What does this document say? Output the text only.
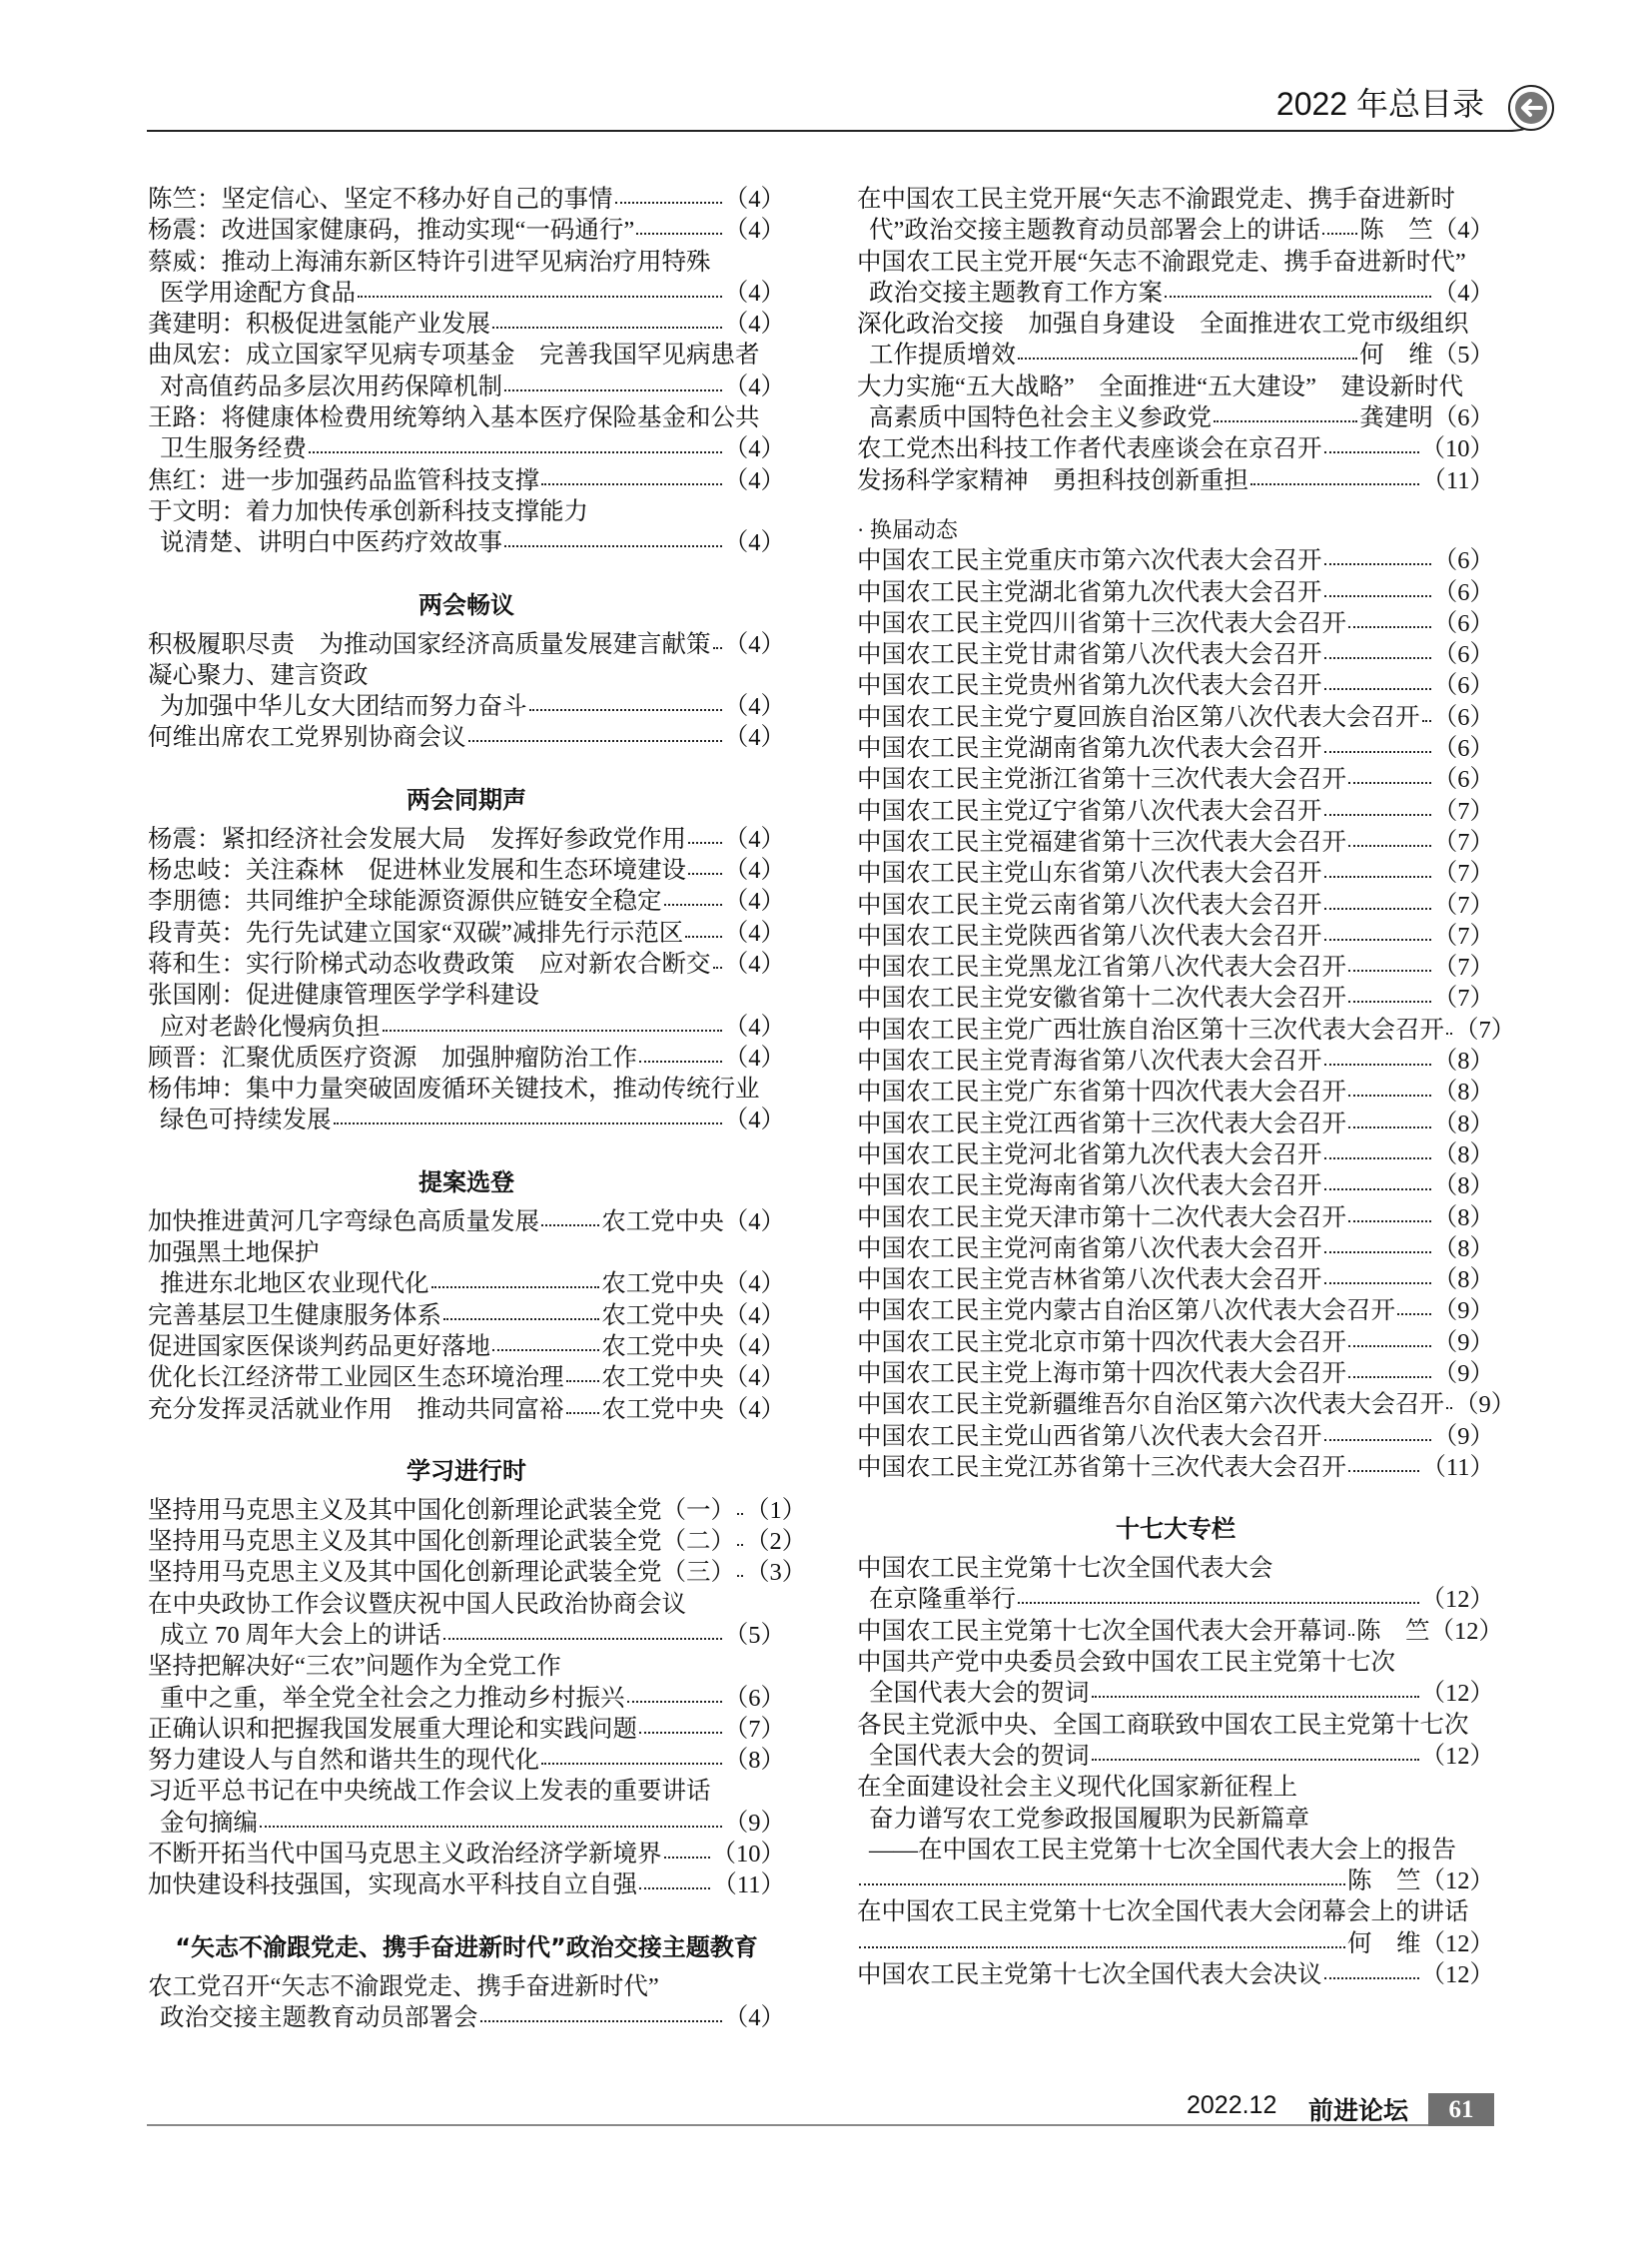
2022 年总目录
陈竺：坚定信心、坚定不移办好自己的事情	（4）
杨震：改进国家健康码，推动实现“一码通行”	（4）
蔡威：推动上海浦东新区特许引进罕见病治疗用特殊
医学用途配方食品	（4）
龚建明：积极促进氢能产业发展	（4）
曲凤宏：成立国家罕见病专项基金　完善我国罕见病患者
对高值药品多层次用药保障机制	（4）
王路：将健康体检费用统筹纳入基本医疗保险基金和公共
卫生服务经费	（4）
焦红：进一步加强药品监管科技支撑	（4）
于文明：着力加快传承创新科技支撑能力
说清楚、讲明白中医药疗效故事	（4）
两会畅议
积极履职尽责　为推动国家经济高质量发展建言献策 （4）
凝心聚力、建言资政
为加强中华儿女大团结而努力奋斗	（4）
何维出席农工党界别协商会议	（4）
两会同期声
杨震：紧扣经济社会发展大局　发挥好参政党作用 （4）
杨忠岐：关注森林　促进林业发展和生态环境建设 （4）
李朋德：共同维护全球能源资源供应链安全稳定	（4）
段青英：先行先试建立国家“双碳”减排先行示范区 （4）
蒋和生：实行阶梯式动态收费政策　应对新农合断交 （4）
张国刚：促进健康管理医学学科建设
应对老龄化慢病负担	（4）
顾晋：汇聚优质医疗资源　加强肿瘤防治工作	（4）
杨伟坤：集中力量突破固废循环关键技术，推动传统行业
绿色可持续发展	（4）
提案选登
加快推进黄河几字弯绿色高质量发展	农工党中央 （4）
加强黑土地保护
推进东北地区农业现代化	农工党中央 （4）
完善基层卫生健康服务体系	农工党中央 （4）
促进国家医保谈判药品更好落地	农工党中央 （4）
优化长江经济带工业园区生态环境治理 农工党中央 （4）
充分发挥灵活就业作用　推动共同富裕 农工党中央 （4）
学习进行时
坚持用马克思主义及其中国化创新理论武装全党（一） （1）
坚持用马克思主义及其中国化创新理论武装全党（二） （2）
坚持用马克思主义及其中国化创新理论武装全党（三） （3）
在中央政协工作会议暨庆祝中国人民政治协商会议
成立 70 周年大会上的讲话	（5）
坚持把解决好“三农”问题作为全党工作
重中之重，举全党全社会之力推动乡村振兴	（6）
正确认识和把握我国发展重大理论和实践问题	（7）
努力建设人与自然和谐共生的现代化	（8）
习近平总书记在中央统战工作会议上发表的重要讲话
金句摘编	（9）
不断开拓当代中国马克思主义政治经济学新境界 （10）
加快建设科技强国，实现高水平科技自立自强	（11）
“矢志不渝跟党走、携手奋进新时代”政治交接主题教育
农工党召开“矢志不渝跟党走、携手奋进新时代”
政治交接主题教育动员部署会	（4）
在中国农工民主党开展“矢志不渝跟党走、携手奋进新时
代”政治交接主题教育动员部署会上的讲话 陈　竺 （4）
中国农工民主党开展“矢志不渝跟党走、携手奋进新时代”
政治交接主题教育工作方案	（4）
深化政治交接　加强自身建设　全面推进农工党市级组织
工作提质增效	何　维 （5）
大力实施“五大战略”　全面推进“五大建设”　建设新时代
高素质中国特色社会主义参政党	龚建明 （6）
农工党杰出科技工作者代表座谈会在京召开	（10）
发扬科学家精神　勇担科技创新重担	（11）
· 换届动态
中国农工民主党重庆市第六次代表大会召开	（6）
中国农工民主党湖北省第九次代表大会召开	（6）
中国农工民主党四川省第十三次代表大会召开	（6）
中国农工民主党甘肃省第八次代表大会召开	（6）
中国农工民主党贵州省第九次代表大会召开	（6）
中国农工民主党宁夏回族自治区第八次代表大会召开 （6）
中国农工民主党湖南省第九次代表大会召开	（6）
中国农工民主党浙江省第十三次代表大会召开	（6）
中国农工民主党辽宁省第八次代表大会召开	（7）
中国农工民主党福建省第十三次代表大会召开	（7）
中国农工民主党山东省第八次代表大会召开	（7）
中国农工民主党云南省第八次代表大会召开	（7）
中国农工民主党陕西省第八次代表大会召开	（7）
中国农工民主党黑龙江省第八次代表大会召开	（7）
中国农工民主党安徽省第十二次代表大会召开	（7）
中国农工民主党广西壮族自治区第十三次代表大会召开 （7）
中国农工民主党青海省第八次代表大会召开	（8）
中国农工民主党广东省第十四次代表大会召开	（8）
中国农工民主党江西省第十三次代表大会召开	（8）
中国农工民主党河北省第九次代表大会召开	（8）
中国农工民主党海南省第八次代表大会召开	（8）
中国农工民主党天津市第十二次代表大会召开	（8）
中国农工民主党河南省第八次代表大会召开	（8）
中国农工民主党吉林省第八次代表大会召开	（8）
中国农工民主党内蒙古自治区第八次代表大会召开 （9）
中国农工民主党北京市第十四次代表大会召开	（9）
中国农工民主党上海市第十四次代表大会召开	（9）
中国农工民主党新疆维吾尔自治区第六次代表大会召开 （9）
中国农工民主党山西省第八次代表大会召开	（9）
中国农工民主党江苏省第十三次代表大会召开	（11）
十七大专栏
中国农工民主党第十七次全国代表大会
在京隆重举行	（12）
中国农工民主党第十七次全国代表大会开幕词 陈　竺 （12）
中国共产党中央委员会致中国农工民主党第十七次
全国代表大会的贺词	（12）
各民主党派中央、全国工商联致中国农工民主党第十七次
全国代表大会的贺词	（12）
在全面建设社会主义现代化国家新征程上
奋力谱写农工党参政报国履职为民新篇章
——在中国农工民主党第十七次全国代表大会上的报告
陈　竺 （12）
在中国农工民主党第十七次全国代表大会闭幕会上的讲话
何　维 （12）
中国农工民主党第十七次全国代表大会决议	（12）
2022.12 前进论坛	61
